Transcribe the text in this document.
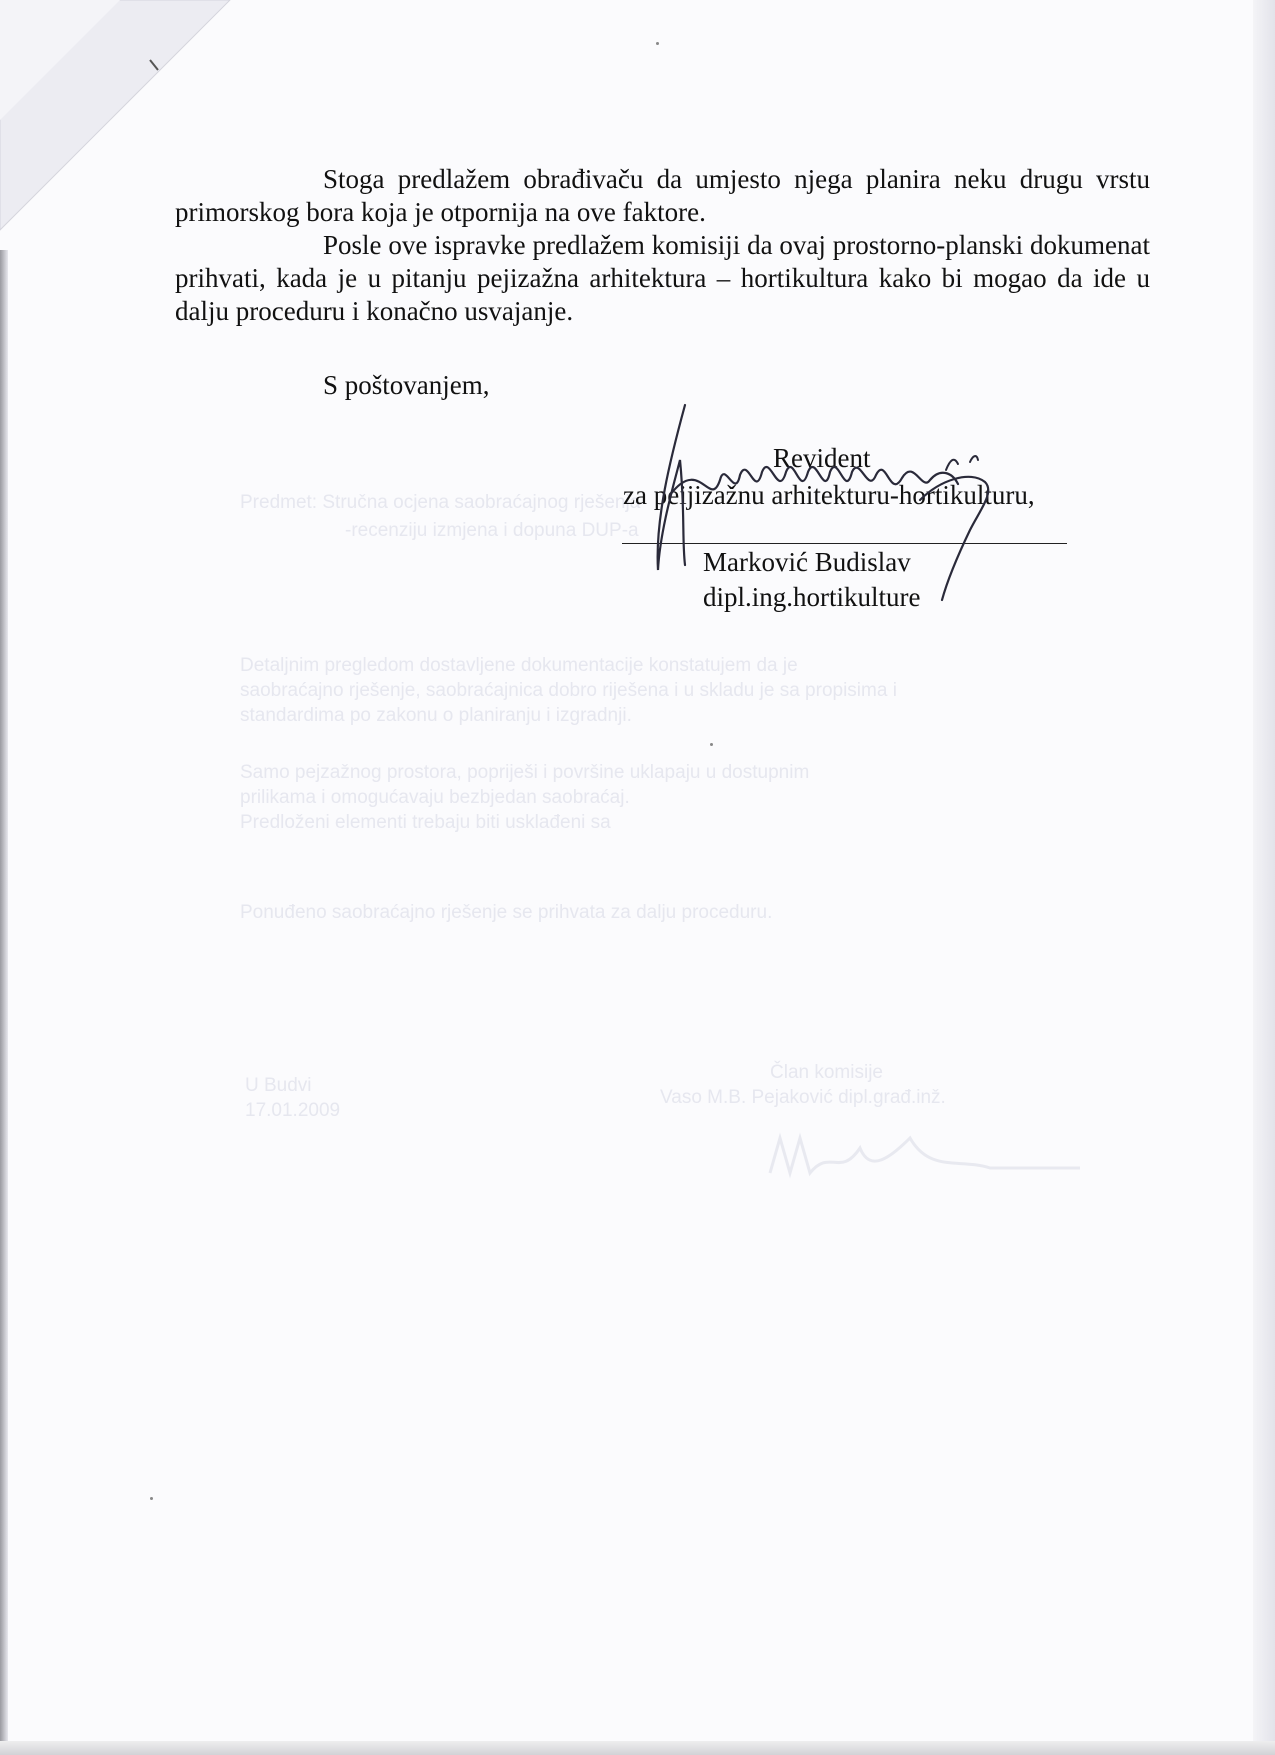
Predmet: Stručna ocjena saobraćajnog rješenja

-recenziju izmjena i dopuna DUP-a

Detaljnim pregledom dostavljene dokumentacije konstatujem da je

saobraćajno rješenje, saobraćajnica dobro riješena i u skladu je sa propisima i

standardima po zakonu o planiranju i izgradnji.

Samo pejzažnog prostora, popriješi i površine uklapaju u dostupnim

prilikama i omogućavaju bezbjedan saobraćaj.

Predloženi elementi trebaju biti usklađeni sa

Ponuđeno saobraćajno rješenje se prihvata za dalju proceduru.

U Budvi

17.01.2009

Član komisije

Vaso M.B. Pejaković dipl.građ.inž.

Stoga predlažem obrađivaču da umjesto njega planira neku drugu vrstu primorskog bora koja je otpornija na ove faktore.

Posle ove ispravke predlažem komisiji da ovaj prostorno-planski dokumenat prihvati, kada je u pitanju pejizažna arhitektura – hortikultura kako bi mogao da ide u dalju proceduru i konačno usvajanje.

S poštovanjem,

Revident

za peijizažnu arhitekturu-hortikulturu,

Marković Budislav

dipl.ing.hortikulture
